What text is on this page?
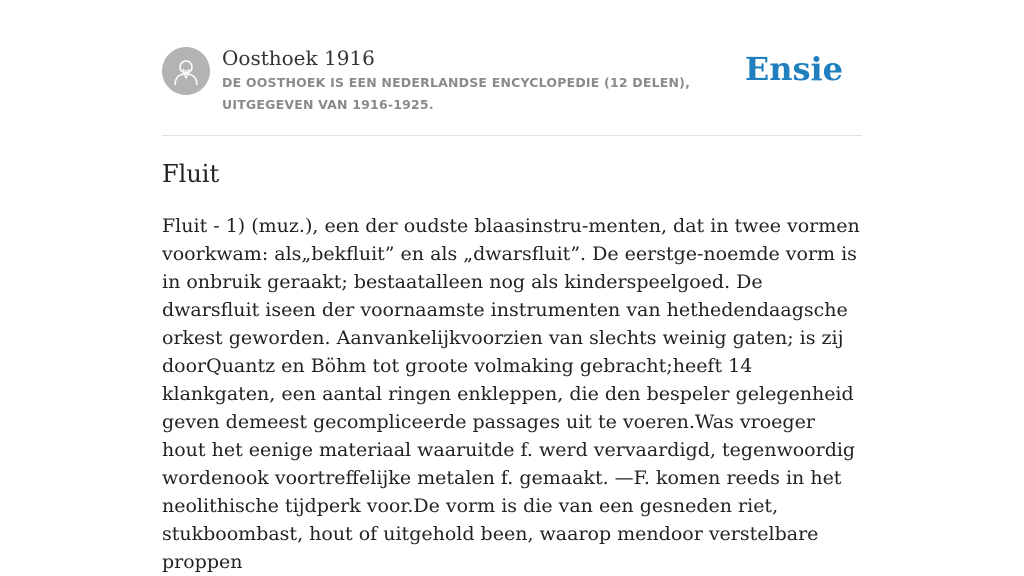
Oosthoek 1916

DE OOSTHOEK IS EEN NEDERLANDSE ENCYCLOPEDIE (12 DELEN), UITGEGEVEN VAN 1916-1925.

Ensie
Fluit

Fluit - 1) (muz.), een der oudste blaasinstru-menten, dat in twee vormen voorkwam: als„bekfluit” en als „dwarsfluit”. De eerstge-noemde vorm is in onbruik geraakt; bestaatalleen nog als kinderspeelgoed. De dwarsfluit iseen der voornaamste instrumenten van hethedendaagsche orkest geworden. Aanvankelijkvoorzien van slechts weinig gaten; is zij doorQuantz en Böhm tot groote volmaking gebracht;heeft 14 klankgaten, een aantal ringen enkleppen, die den bespeler gelegenheid geven demeest gecompliceerde passages uit te voeren.Was vroeger hout het eenige materiaal waaruitde f. werd vervaardigd, tegenwoordig wordenook voortreffelijke metalen f. gemaakt. —F. komen reeds in het neolithische tijdperk voor.De vorm is die van een gesneden riet, stukboombast, hout of uitgehold been, waarop mendoor verstelbare proppen
